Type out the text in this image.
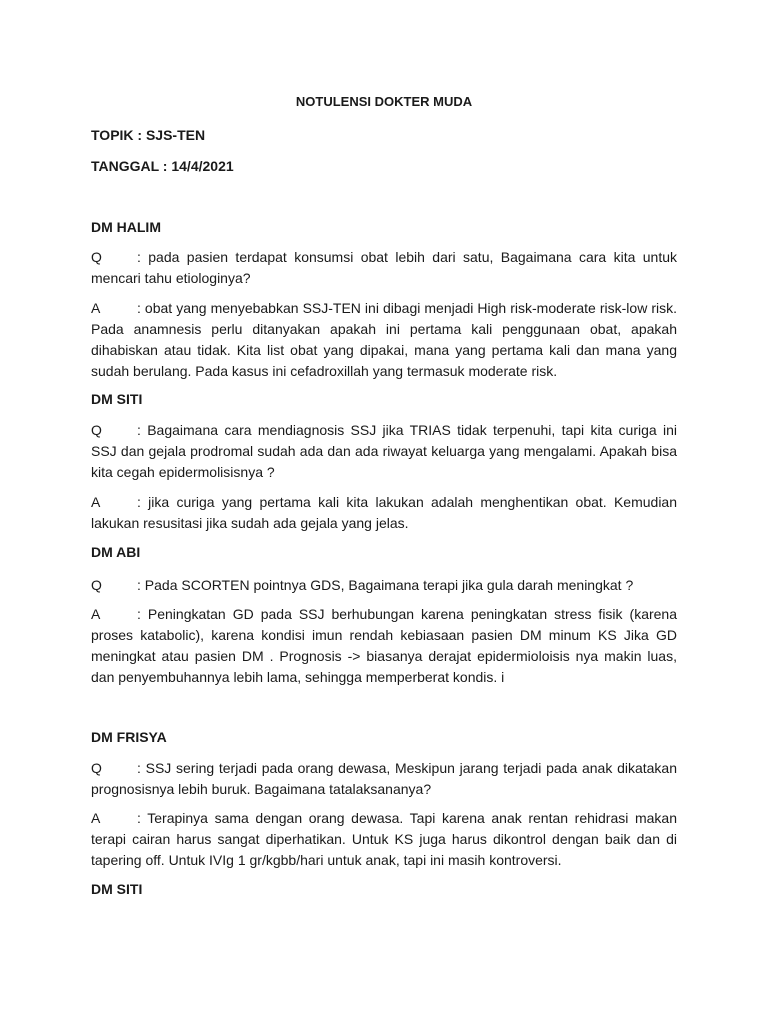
NOTULENSI DOKTER MUDA
TOPIK : SJS-TEN
TANGGAL : 14/4/2021
DM HALIM
Q	: pada pasien terdapat konsumsi obat lebih dari satu, Bagaimana cara kita untuk mencari tahu etiologinya?
A	: obat yang menyebabkan SSJ-TEN ini dibagi menjadi High risk-moderate risk-low risk. Pada anamnesis perlu ditanyakan apakah ini pertama kali penggunaan obat, apakah dihabiskan atau tidak. Kita list obat yang dipakai, mana yang pertama kali dan mana yang sudah berulang. Pada kasus ini cefadroxillah yang termasuk moderate risk.
DM SITI
Q	: Bagaimana cara mendiagnosis SSJ jika TRIAS tidak terpenuhi, tapi kita curiga ini SSJ dan gejala prodromal sudah ada dan ada riwayat keluarga yang mengalami. Apakah bisa kita cegah epidermolisisnya ?
A	: jika curiga yang pertama kali kita lakukan adalah menghentikan obat. Kemudian lakukan resusitasi jika sudah ada gejala yang jelas.
DM ABI
Q	: Pada SCORTEN pointnya GDS, Bagaimana terapi jika gula darah meningkat ?
A	: Peningkatan GD pada SSJ berhubungan karena peningkatan stress fisik (karena proses katabolic), karena kondisi imun rendah kebiasaan pasien DM minum KS Jika GD meningkat atau pasien DM . Prognosis -> biasanya derajat epidermioloisis nya makin luas, dan penyembuhannya lebih lama, sehingga memperberat kondis. i
DM FRISYA
Q	: SSJ sering terjadi pada orang dewasa, Meskipun jarang terjadi pada anak dikatakan prognosisnya lebih buruk. Bagaimana tatalaksananya?
A	: Terapinya sama dengan orang dewasa. Tapi karena anak rentan rehidrasi makan terapi cairan harus sangat diperhatikan. Untuk KS juga harus dikontrol dengan baik dan di tapering off. Untuk IVIg 1 gr/kgbb/hari untuk anak, tapi ini masih kontroversi.
DM SITI
